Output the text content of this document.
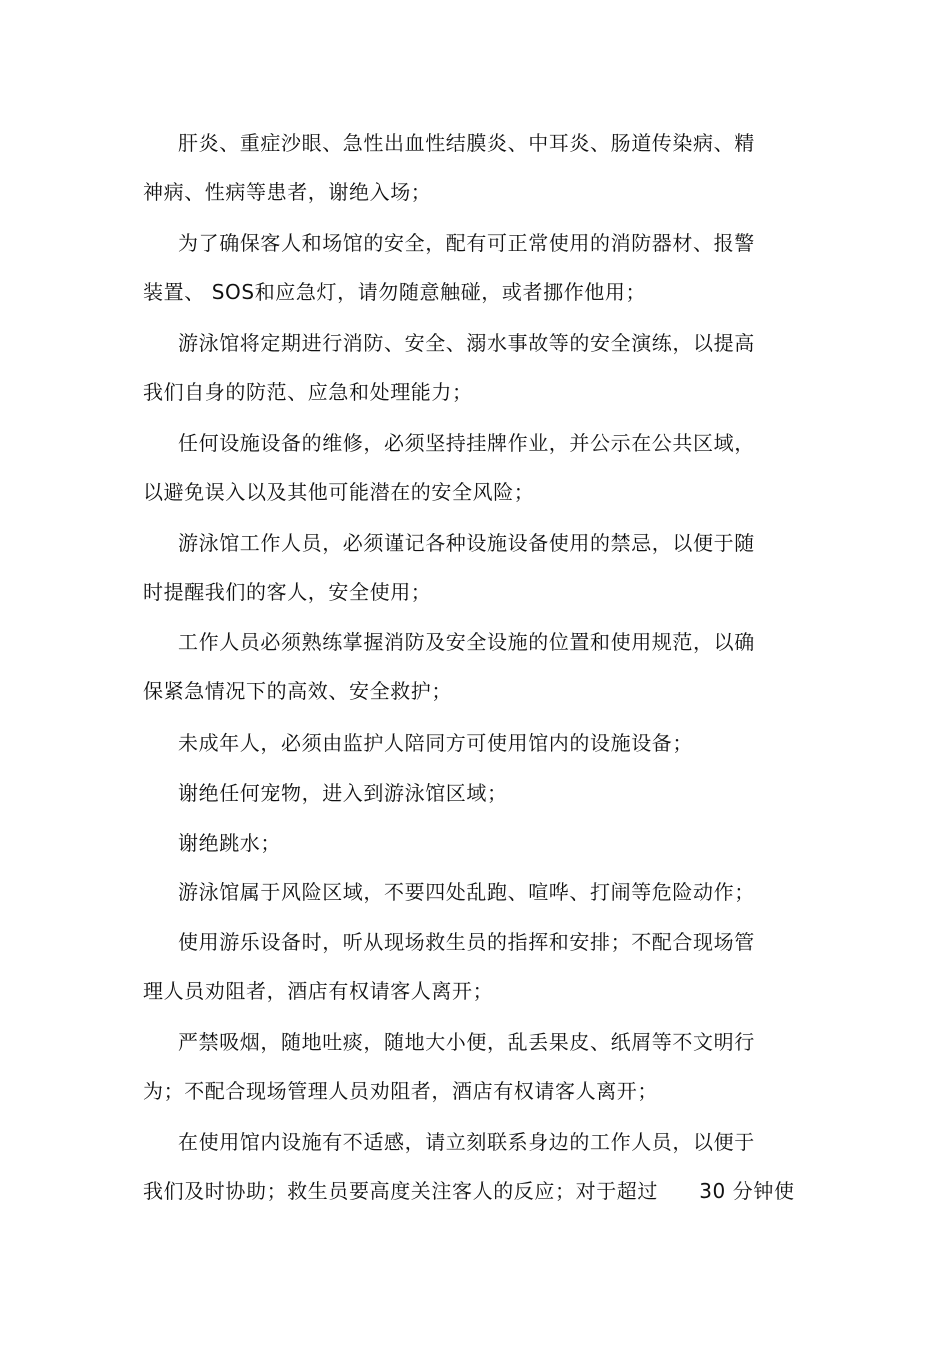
肝炎、重症沙眼、急性出血性结膜炎、中耳炎、肠道传染病、精

神病、性病等患者，谢绝入场；

为了确保客人和场馆的安全，配有可正常使用的消防器材、报警

装置、 SOS和应急灯，请勿随意触碰，或者挪作他用；

游泳馆将定期进行消防、安全、溺水事故等的安全演练，以提高

我们自身的防范、应急和处理能力；

任何设施设备的维修，必须坚持挂牌作业，并公示在公共区域，

以避免误入以及其他可能潜在的安全风险；

游泳馆工作人员，必须谨记各种设施设备使用的禁忌，以便于随

时提醒我们的客人，安全使用；

工作人员必须熟练掌握消防及安全设施的位置和使用规范，以确

保紧急情况下的高效、安全救护；

未成年人，必须由监护人陪同方可使用馆内的设施设备；

谢绝任何宠物，进入到游泳馆区域；

谢绝跳水；

游泳馆属于风险区域，不要四处乱跑、喧哗、打闹等危险动作；

使用游乐设备时，听从现场救生员的指挥和安排；不配合现场管

理人员劝阻者，酒店有权请客人离开；

严禁吸烟，随地吐痰，随地大小便，乱丢果皮、纸屑等不文明行

为；不配合现场管理人员劝阻者，酒店有权请客人离开；

在使用馆内设施有不适感，请立刻联系身边的工作人员，以便于

我们及时协助；救生员要高度关注客人的反应；对于超过　　30 分钟使
